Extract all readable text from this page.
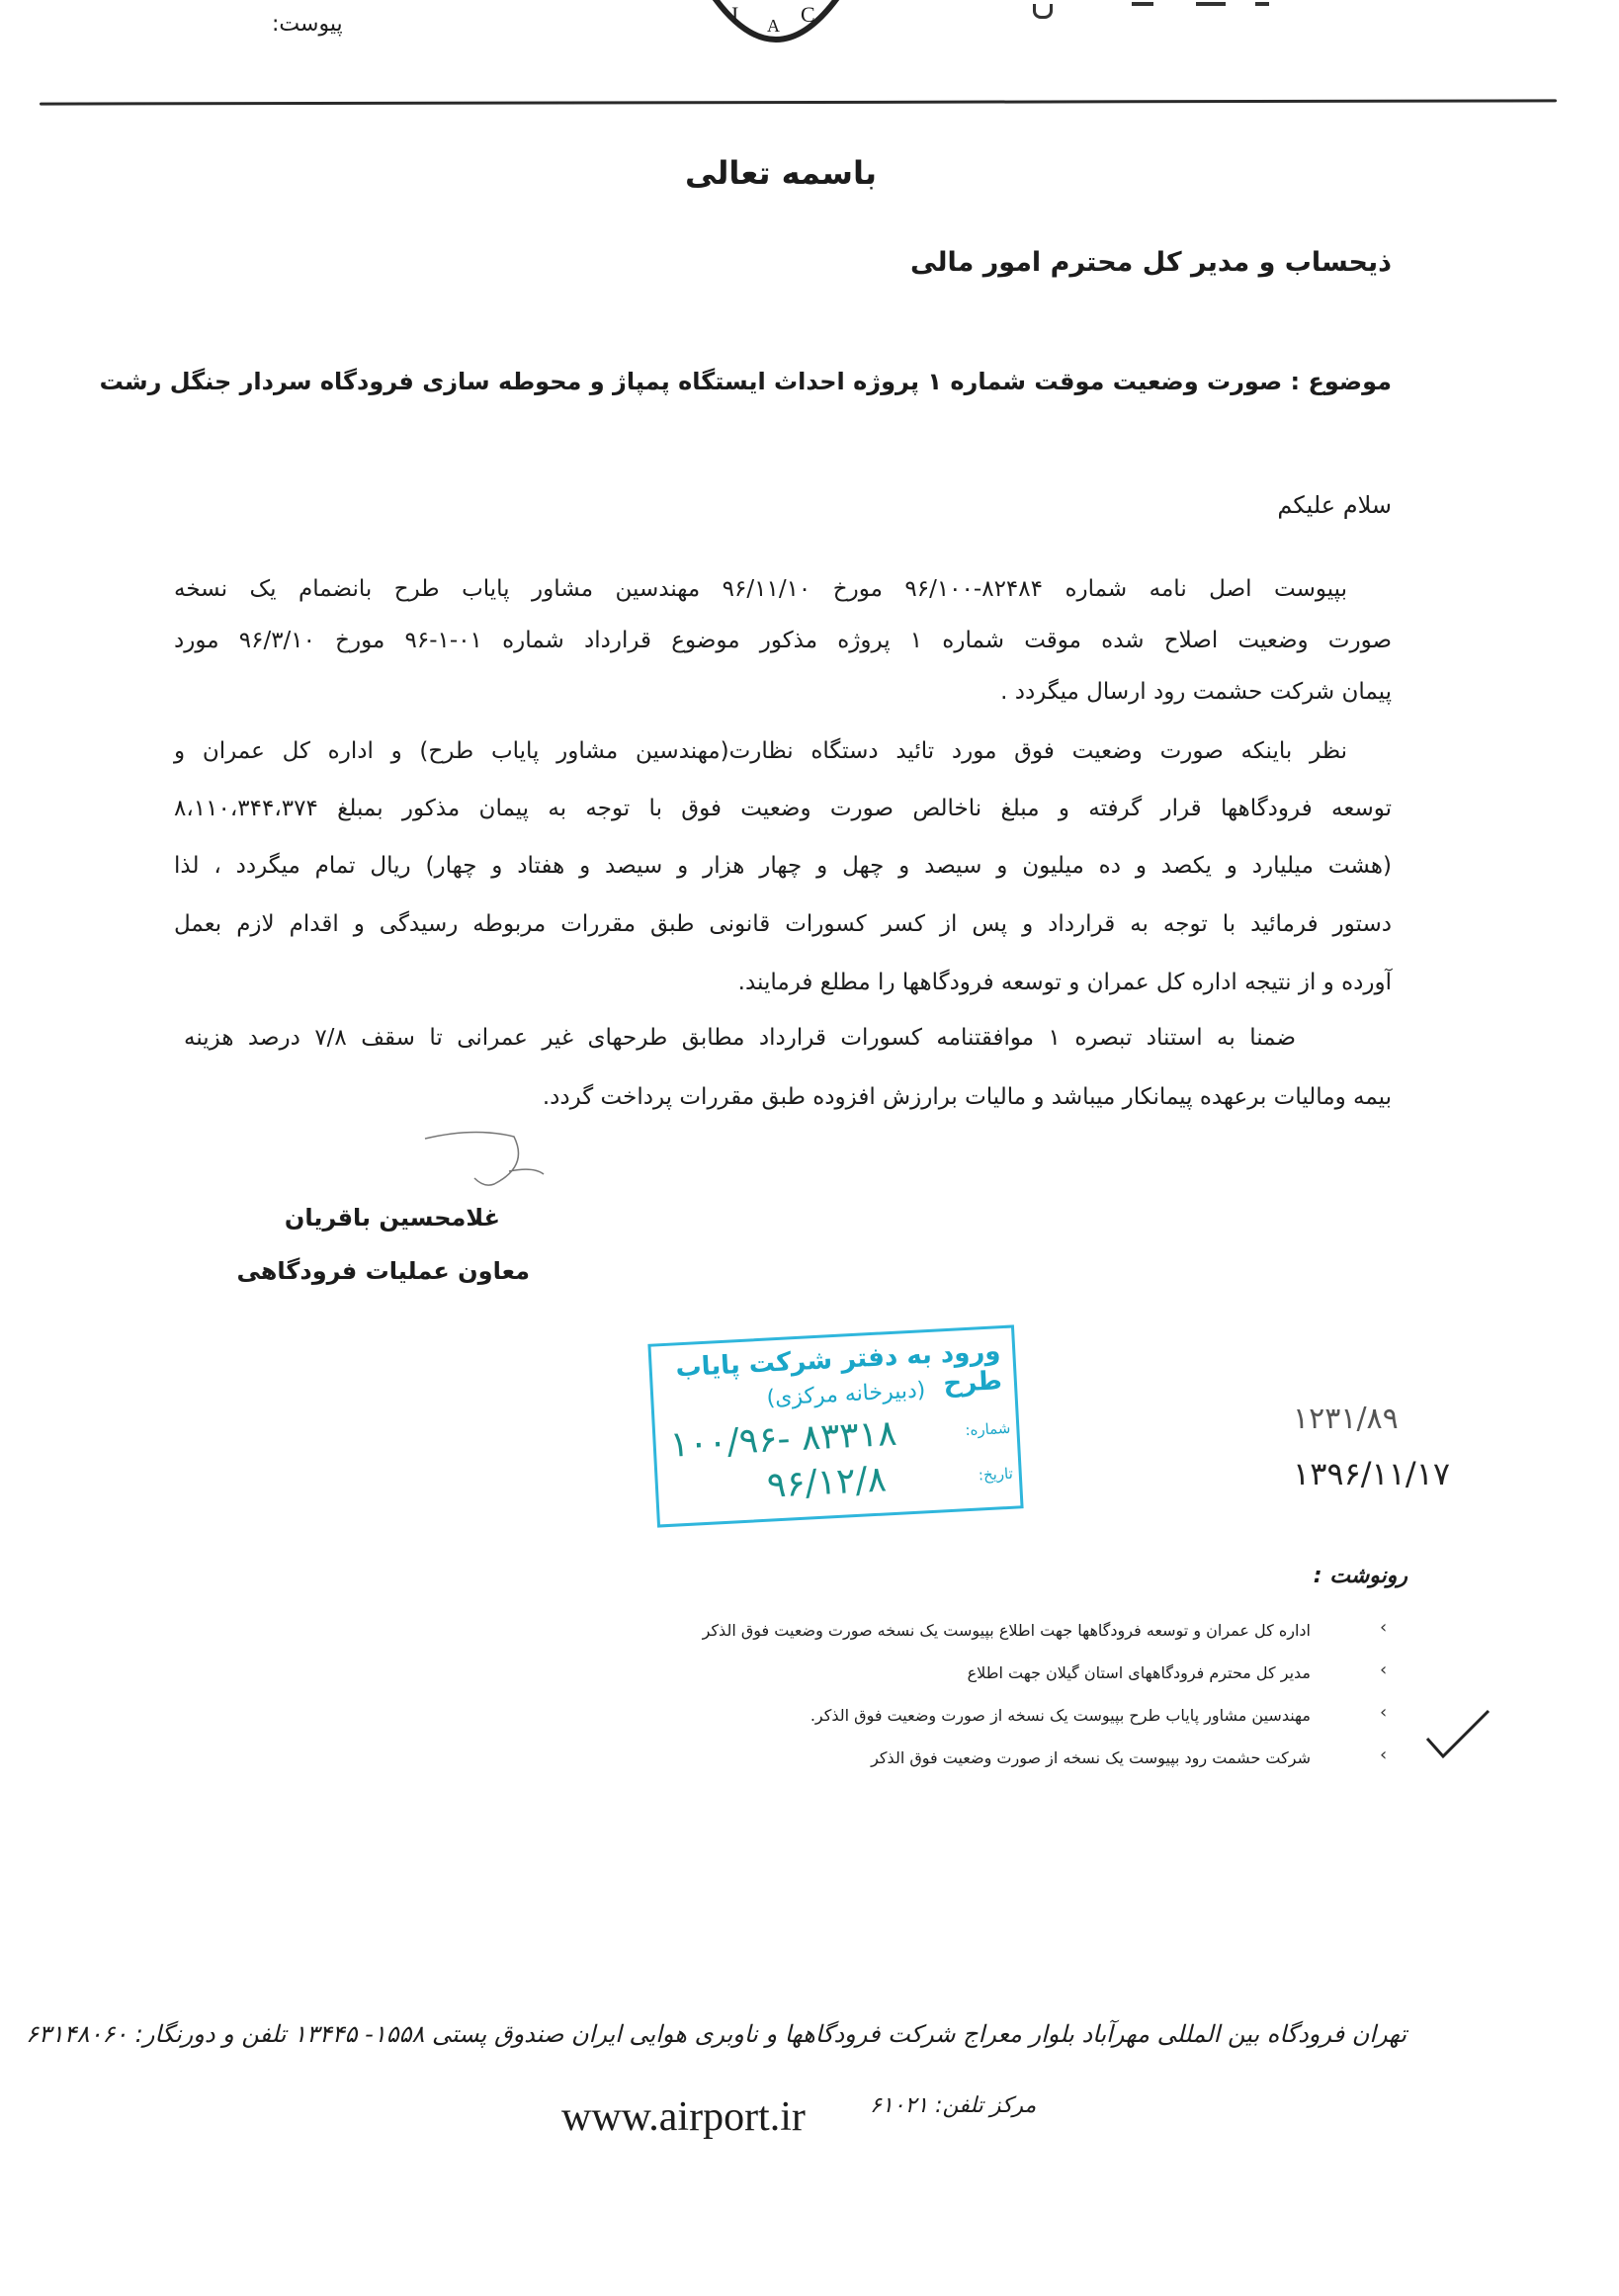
پیوست:	I A C
باسمه تعالی
ذیحساب و مدیر کل محترم امور مالی
موضوع : صورت وضعیت موقت شماره ۱ پروژه احداث ایستگاه پمپاژ و محوطه سازی فرودگاه سردار جنگل رشت
سلام علیکم
بپیوست اصل نامه شماره ۸۲۴۸۴-۹۶/۱۰۰ مورخ ۹۶/۱۱/۱۰ مهندسین مشاور پایاب طرح بانضمام یک نسخه
صورت وضعیت اصلاح شده موقت شماره ۱ پروژه مذکور موضوع قرارداد شماره ۰۱-۱-۹۶ مورخ ۹۶/۳/۱۰ مورد
پیمان شرکت حشمت رود ارسال میگردد .
نظر باینکه صورت وضعیت فوق مورد تائید دستگاه نظارت(مهندسین مشاور پایاب طرح) و اداره کل عمران و
توسعه فرودگاهها قرار گرفته و مبلغ ناخالص صورت وضعیت فوق با توجه به پیمان مذکور بمبلغ ۸،۱۱۰،۳۴۴،۳۷۴
(هشت میلیارد و یکصد و ده میلیون و سیصد و چهل و چهار هزار و سیصد و هفتاد و چهار) ریال تمام میگردد ، لذا
دستور فرمائید با توجه به قرارداد و پس از کسر کسورات قانونی طبق مقررات مربوطه رسیدگی و اقدام لازم بعمل
آورده و از نتیجه اداره کل عمران و توسعه فرودگاهها را مطلع فرمایند.
ضمنا به استناد تبصره ۱ موافقتنامه کسورات قرارداد مطابق طرحهای غیر عمرانی تا سقف ۷/۸ درصد هزینه
بیمه ومالیات برعهده پیمانکار میباشد و مالیات برارزش افزوده طبق مقررات پرداخت گردد.
غلامحسین باقریان
معاون عملیات فرودگاهی
ورود به دفتر شرکت پایاب طرح
(دبیرخانه مرکزی)
شماره:
۱۰۰/۹۶- ۸۳۳۱۸
تاریخ:
۹۶/۱۲/۸
۱۲۳۱/۸۹
۱۳۹۶/۱۱/۱۷
رونوشت :
‹
اداره کل عمران و توسعه فرودگاهها جهت اطلاع بپیوست یک نسخه صورت وضعیت فوق الذکر
‹
مدیر کل محترم فرودگاههای استان گیلان جهت اطلاع
‹
مهندسین مشاور پایاب طرح بپیوست یک نسخه از صورت وضعیت فوق الذکر.
‹
شرکت حشمت رود بپیوست یک نسخه از صورت وضعیت فوق الذکر
تهران فرودگاه بین المللی مهرآباد بلوار معراج شرکت فرودگاهها و ناوبری هوایی ایران صندوق پستی ۱۵۵۸- ۱۳۴۴۵ تلفن و دورنگار: ۶۳۱۴۸۰۶۰
www.airport.ir	مرکز تلفن: ۶۱۰۲۱
